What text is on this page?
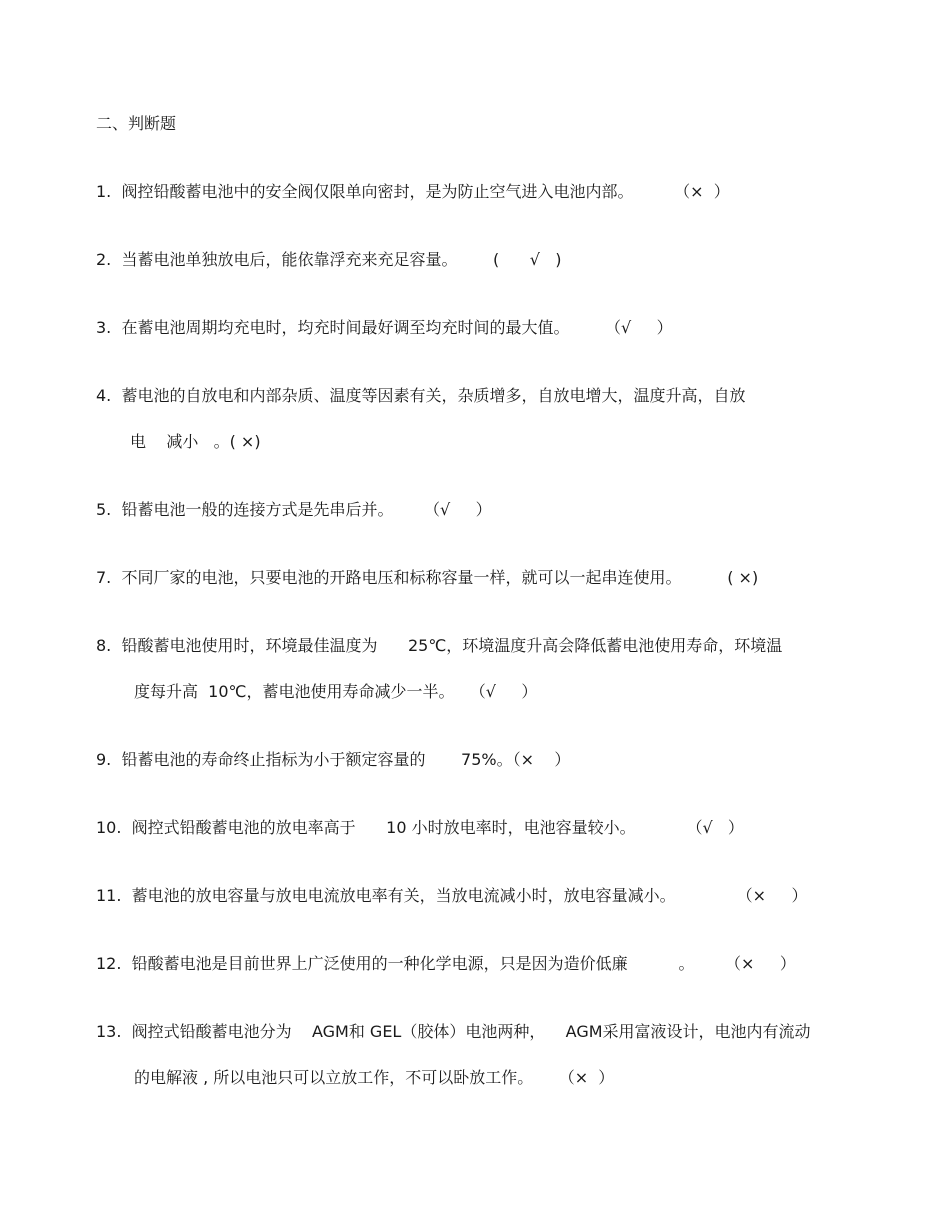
二、判断题
1.  阀控铅酸蓄电池中的安全阀仅限单向密封，是为防止空气进入电池内部。        （×  ）
2.  当蓄电池单独放电后，能依靠浮充来充足容量。       (      √   )
3.  在蓄电池周期均充电时，均充时间最好调至均充时间的最大值。       （√     ）
4.  蓄电池的自放电和内部杂质、温度等因素有关，杂质增多，自放电增大，温度升高，自放
电    减小   。( ×)
5.  铅蓄电池一般的连接方式是先串后并。      （√     ）
7.  不同厂家的电池，只要电池的开路电压和标称容量一样，就可以一起串连使用。         ( ×)
8.  铅酸蓄电池使用时，环境最佳温度为      25℃，环境温度升高会降低蓄电池使用寿命，环境温
度每升高  10℃，蓄电池使用寿命减少一半。   （√     ）
9.  铅蓄电池的寿命终止指标为小于额定容量的       75%。（×    ）
10.  阀控式铅酸蓄电池的放电率高于      10 小时放电率时，电池容量较小。          （√   ）
11.  蓄电池的放电容量与放电电流放电率有关，当放电流减小时，放电容量减小。            （×     ）
12.  铅酸蓄电池是目前世界上广泛使用的一种化学电源，只是因为造价低廉          。      （×     ）
13.  阀控式铅酸蓄电池分为    AGM和 GEL（胶体）电池两种，    AGM采用富液设计，电池内有流动
的电解液 , 所以电池只可以立放工作，不可以卧放工作。     （×  ）
